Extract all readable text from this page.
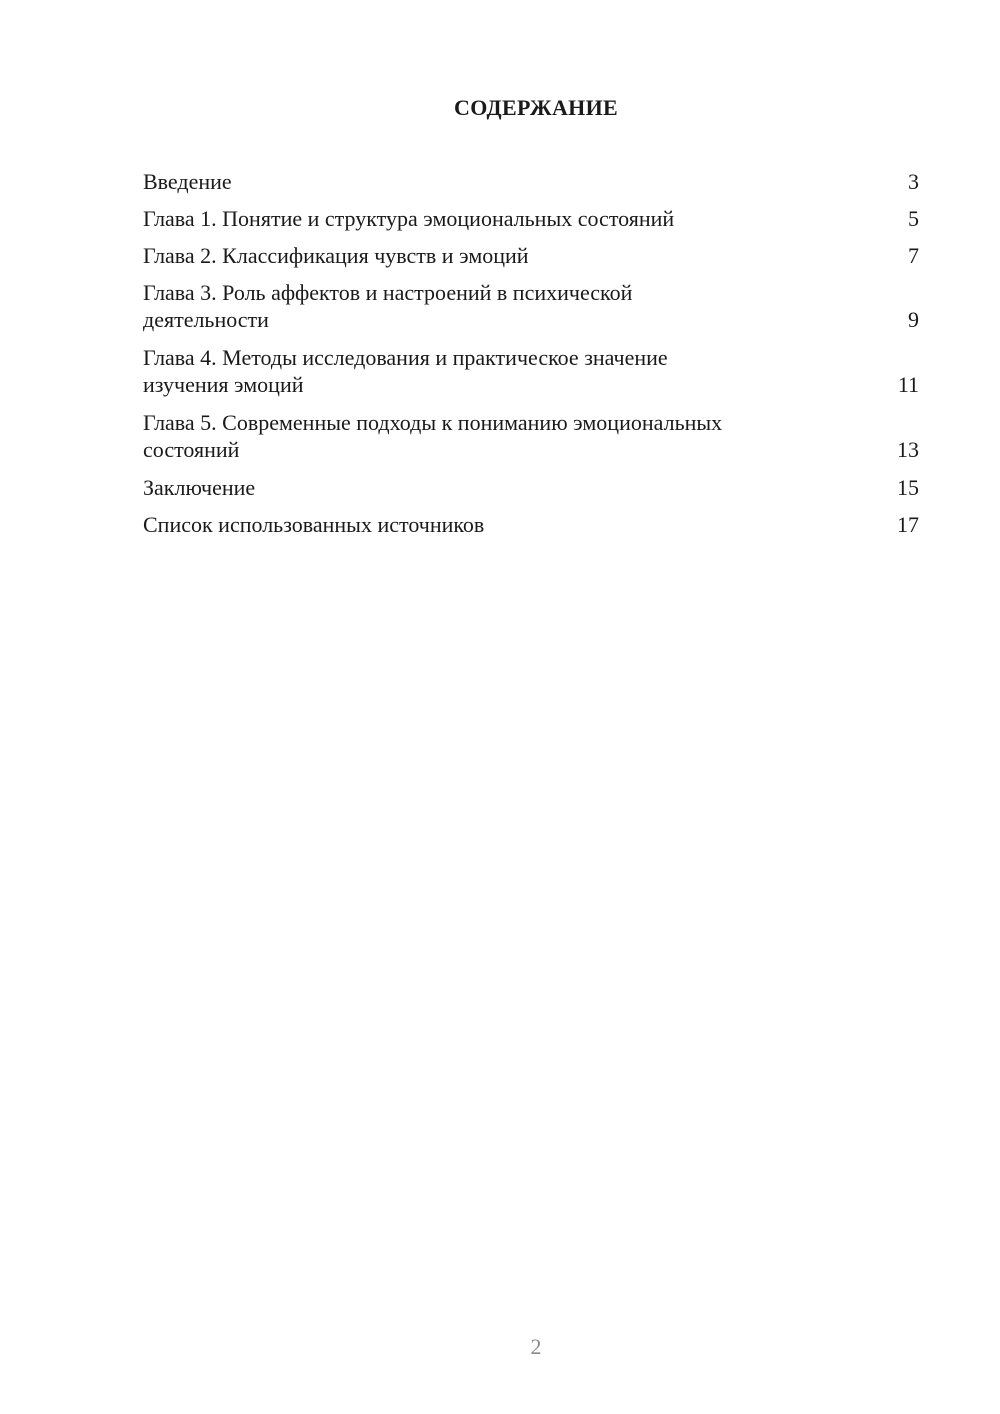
СОДЕРЖАНИЕ
Введение	3
Глава 1. Понятие и структура эмоциональных состояний	5
Глава 2. Классификация чувств и эмоций	7
Глава 3. Роль аффектов и настроений в психической
деятельности	9
Глава 4. Методы исследования и практическое значение
изучения эмоций	11
Глава 5. Современные подходы к пониманию эмоциональных
состояний	13
Заключение	15
Список использованных источников	17
2
